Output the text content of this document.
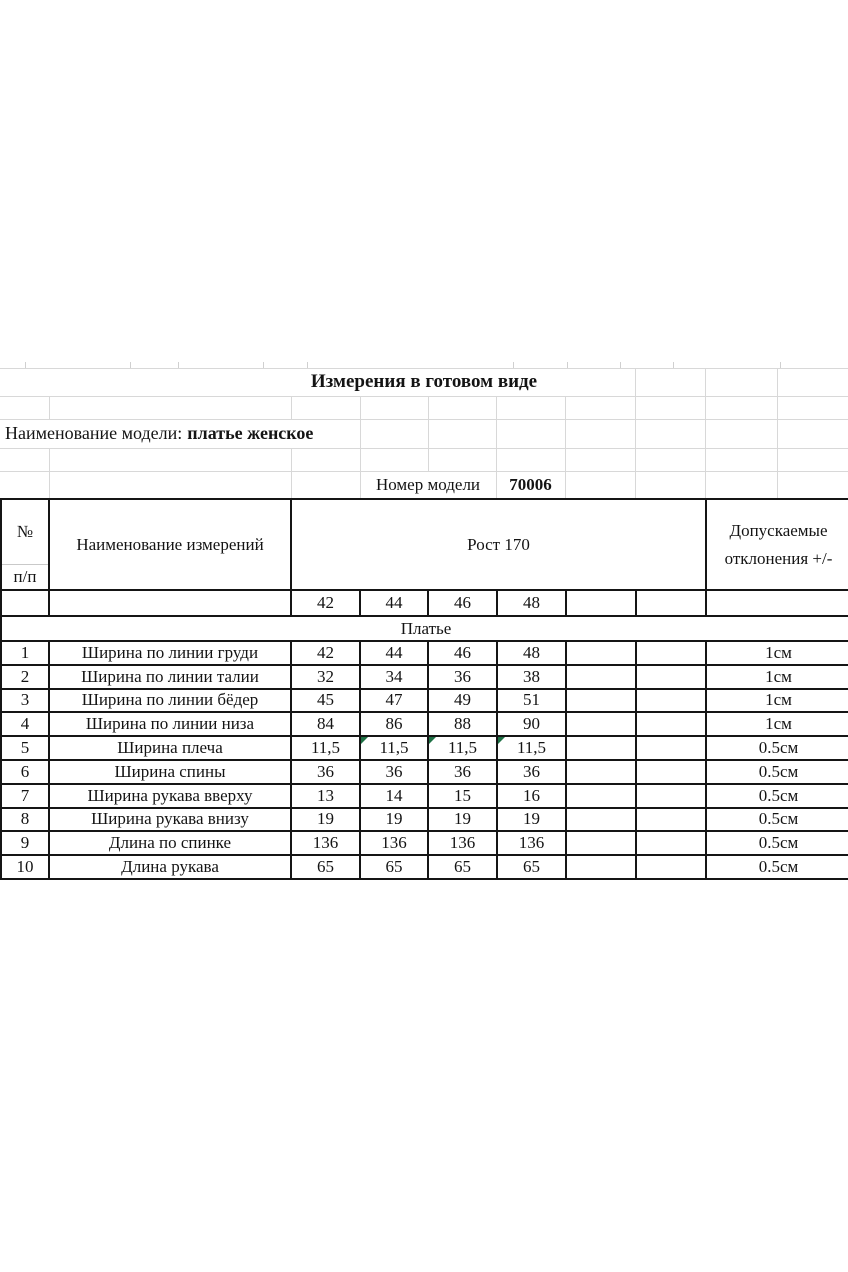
Измерения в готовом виде
Наименование модели: платье женское
Номер модели	70006
№
п/п
	Наименование измерений	Рост 170	
Допускаемые
отклонения +/-

		42	44	46	48			
Платье								
1	Ширина по линии груди	42	44	46	48			1см
2	Ширина по линии талии	32	34	36	38			1см
3	Ширина по линии бёдер	45	47	49	51			1см
4	Ширина по линии низа	84	86	88	90			1см
5	Ширина плеча	11,5	11,5	11,5	11,5			0.5см
6	Ширина спины	36	36	36	36			0.5см
7	Ширина рукава вверху	13	14	15	16			0.5см
8	Ширина рукава внизу	19	19	19	19			0.5см
9	Длина по спинке	136	136	136	136			0.5см
10	Длина рукава	65	65	65	65			0.5см
